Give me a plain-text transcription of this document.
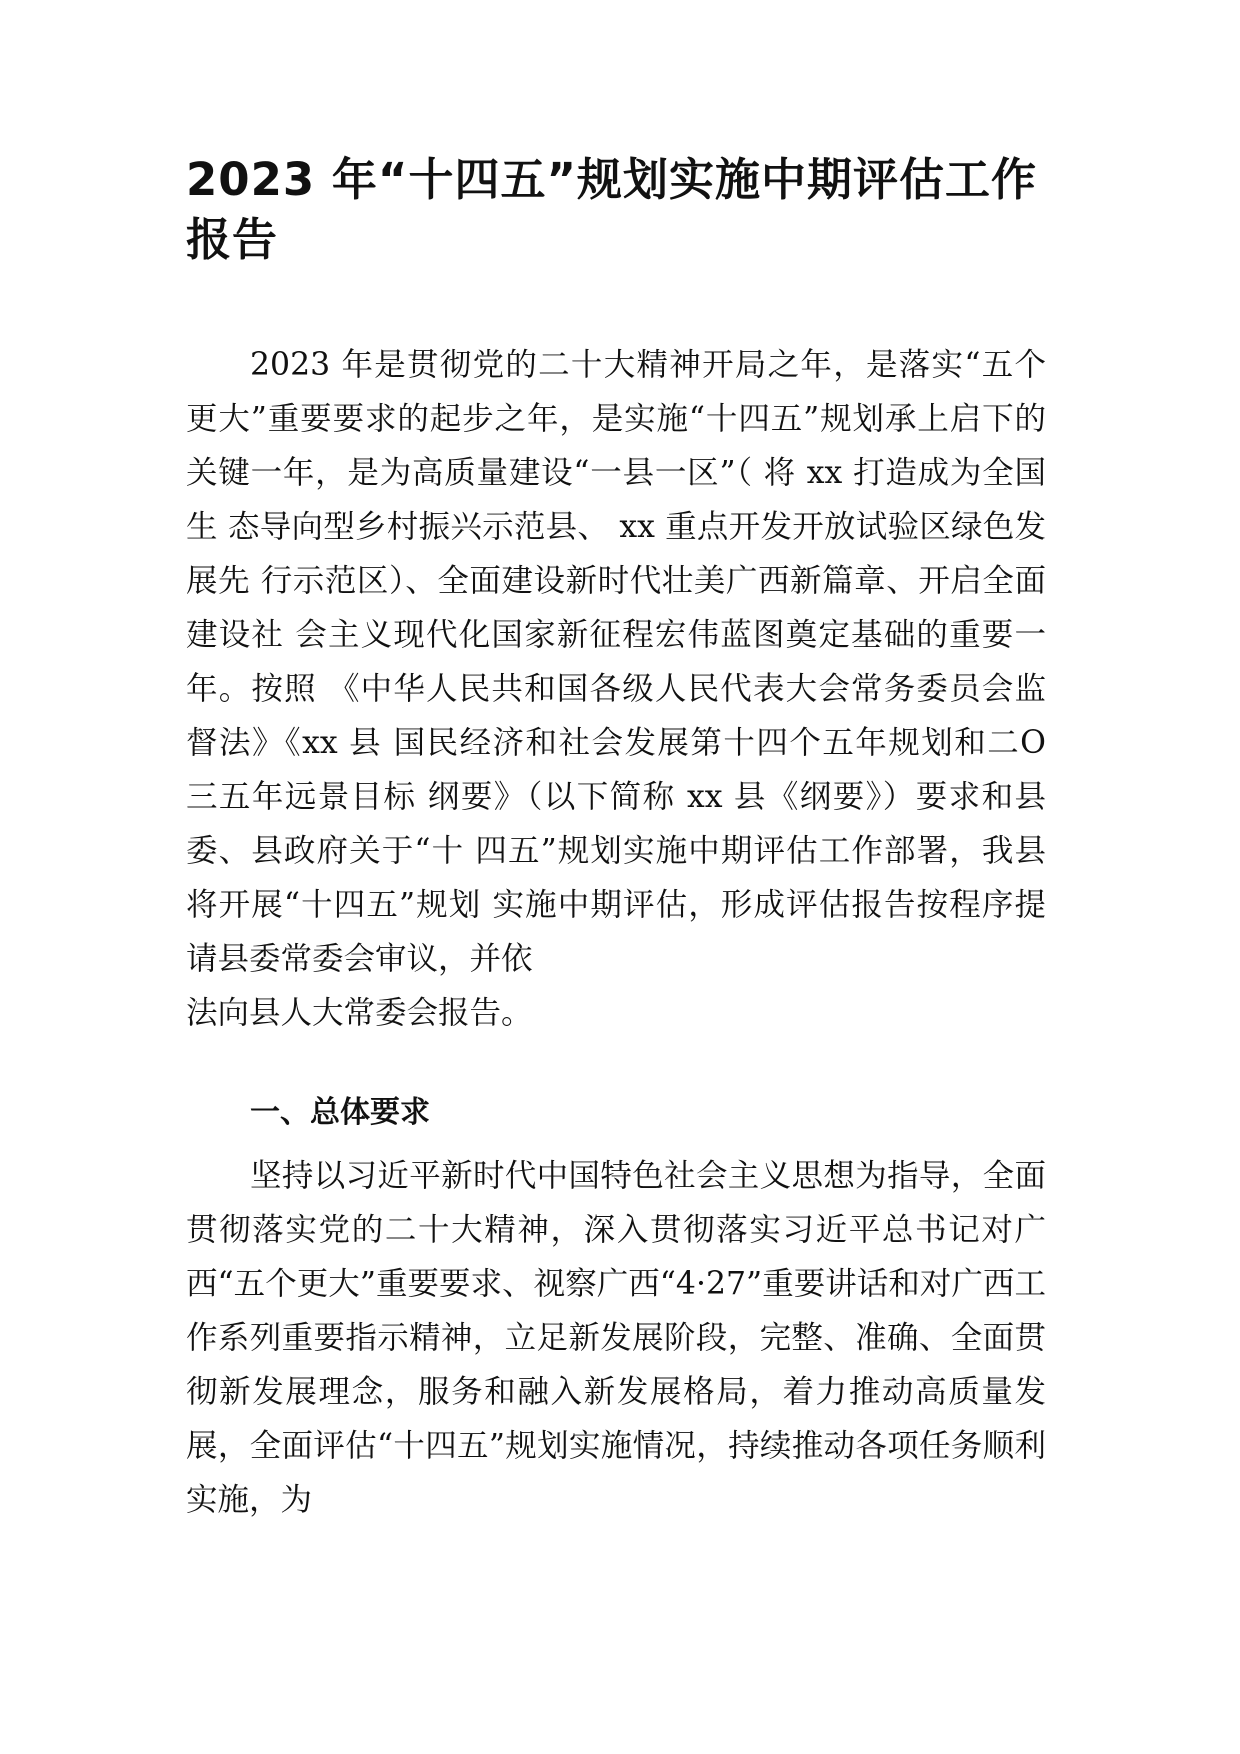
2023 年“十四五”规划实施中期评估工作报告

2023 年是贯彻党的二十大精神开局之年，是落实“五个更大”重要要求的起步之年，是实施“十四五”规划承上启下的关键一年，是为高质量建设“一县一区”（ 将 xx 打造成为全国生 态导向型乡村振兴示范县、 xx 重点开发开放试验区绿色发展先 行示范区）、全面建设新时代壮美广西新篇章、开启全面建设社 会主义现代化国家新征程宏伟蓝图奠定基础的重要一年。按照 《中华人民共和国各级人民代表大会常务委员会监督法》《xx 县 国民经济和社会发展第十四个五年规划和二O 三五年远景目标 纲要》（以下简称 xx 县《纲要》）要求和县委、县政府关于“十 四五”规划实施中期评估工作部署，我县将开展“十四五”规划 实施中期评估，形成评估报告按程序提请县委常委会审议，并依

法向县人大常委会报告。

一、总体要求

坚持以习近平新时代中国特色社会主义思想为指导，全面贯彻落实党的二十大精神，深入贯彻落实习近平总书记对广西“五个更大”重要要求、视察广西“4·27”重要讲话和对广西工作系列重要指示精神，立足新发展阶段，完整、准确、全面贯彻新发展理念，服务和融入新发展格局，着力推动高质量发展，全面评估“十四五”规划实施情况，持续推动各项任务顺利实施，为
